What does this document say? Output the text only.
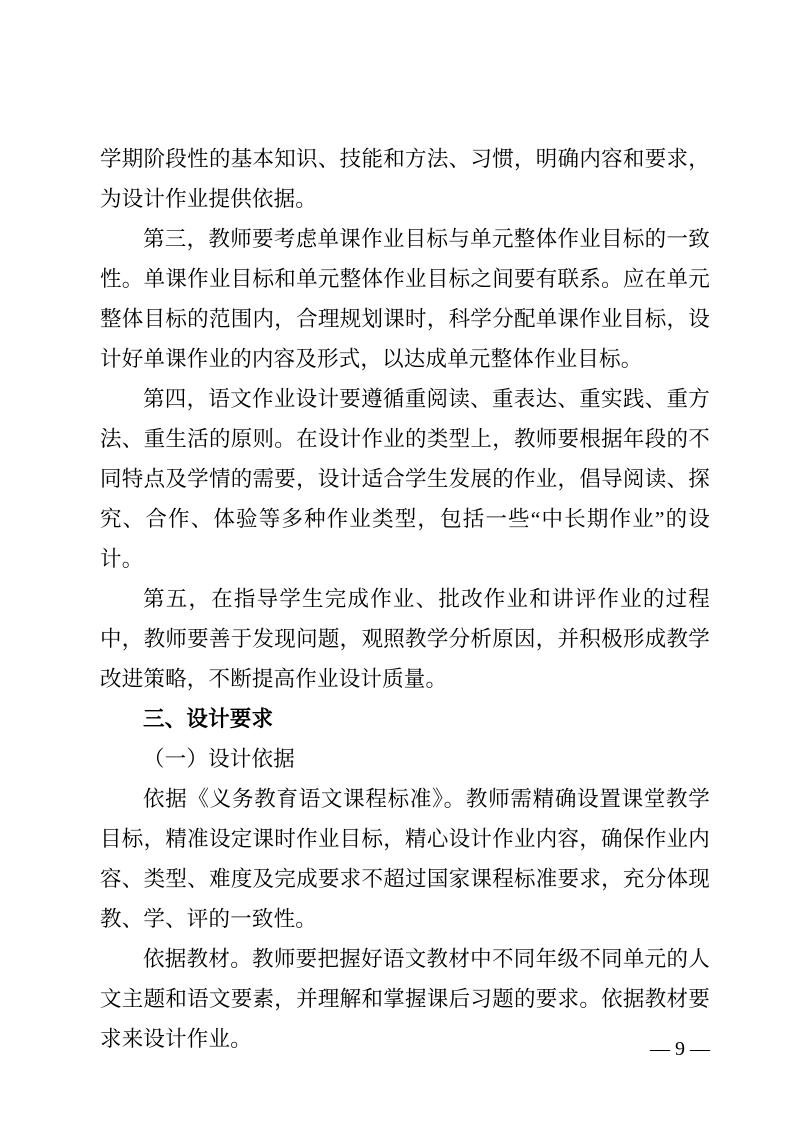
学期阶段性的基本知识、技能和方法、习惯，明确内容和要求，为设计作业提供依据。

第三，教师要考虑单课作业目标与单元整体作业目标的一致性。单课作业目标和单元整体作业目标之间要有联系。应在单元整体目标的范围内，合理规划课时，科学分配单课作业目标，设计好单课作业的内容及形式，以达成单元整体作业目标。

第四，语文作业设计要遵循重阅读、重表达、重实践、重方法、重生活的原则。在设计作业的类型上，教师要根据年段的不同特点及学情的需要，设计适合学生发展的作业，倡导阅读、探究、合作、体验等多种作业类型，包括一些“中长期作业”的设计。

第五，在指导学生完成作业、批改作业和讲评作业的过程中，教师要善于发现问题，观照教学分析原因，并积极形成教学改进策略，不断提高作业设计质量。

三、设计要求

（一）设计依据

依据《义务教育语文课程标准》。教师需精确设置课堂教学目标，精准设定课时作业目标，精心设计作业内容，确保作业内容、类型、难度及完成要求不超过国家课程标准要求，充分体现教、学、评的一致性。

依据教材。教师要把握好语文教材中不同年级不同单元的人文主题和语文要素，并理解和掌握课后习题的要求。依据教材要求来设计作业。	— 9 —
